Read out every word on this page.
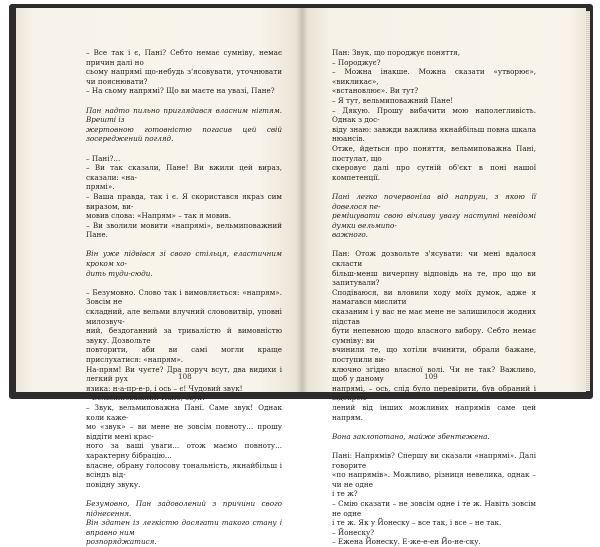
– Все так і є, Пані? Себто немає сумніву, немає причин далі но

сьому напрямі що-небудь з'ясовувати, уточнювати чи пояснювати?

– На сьому напрямі? Що ви маєте на увазі, Пане?

Пан надто пильно приглядався власним нігтям. Врешті із

жертовною готовністю погасив цей свій зосереджений погляд.

– Пані?...

– Ви так сказали, Пане! Ви вжили цей вираз, сказали: «на-

прямі».

– Ваша правда, так і є. Я скористався якраз сим виразом, ви-

мовив слова: «Напрям» – так я мовив.

– Ви зволили мовити «напрямі», вельмиповажний Пане.

Він уже підвівся зі свого стільця, еластичним кроком хо-

дить туди-сюди.

– Безумовно. Слово так і вимовляється: «напрям». Зовсім не

складний, але вельми влучний слововитвір, уповні милозвуч-

ний, бездоганний за тривалістю й вимовністю звуку. Дозвольте

повторити, аби ви самі могли краще прислухатися: «напрям».

На-прям! Ви чуєте? Дра поруч всут, два видихи і легкий рух

язика: н-а-пр-е-р, і ось – є! Чудовий звук!

– Вельмиповажний Пане, звук?

– Звук, вельмиповажна Пані. Саме звук! Однак коли каже-

мо «звук» – ви мене не зовсім повноту... прошу віддіти мені крас-

ного за ваші уваги... отож маємо повноту... характерну бібрацію...

власне, обрану голосову тональність, якнайбільш і всіндъ від-

повідну звуку.

Безумовно, Пан задоволений з причини свого піднесення.

Він здатен із легкістю досягати такого стану і вправно ним

розпоряджатися.

108

Пан: Звук, що породжує поняття,

– Породжує?

– Можна інакше. Можна сказати «утворює», «викликає»,

«встановлює». Ви тут?

– Я тут, вельмиповажний Пане!

– Дякую. Прошу вибачити мою наполегливість. Однак з дос-

віду знаю: завжди важлива якнайбільш повна шкала нюансів.

Отже, йдеться про поняття, вельмиповажна Пані, постулат, що

скеровує далі про сутній об'єкт в поні нашої компетенції.

Пані легко почервоніла від напруги, з якою її довелося пе-

ремішувати свою вічливу увагу наступні невідомі думки вельмипо-

важного.

Пан: Отож дозвольте з'ясувати: чи мені вдалося скласти

більш-менш вичерпну відповідь на те, про що ви запитували?

Сподіваюся, ви вловили ходу моїх думок, адже я намагався мислити

сказаним і у вас не має мене не залишилося жодних підстав

бути непевною щодо власного вибору. Себто немає сумніву: ви

вчинили те, що хотіли вчинити, обрали бажане, поступили ви-

ключно згідно власної волі. Чи не так? Важливо, щоб у даному

напрямі, – ось, слід було перевірити, був обраний і відокрем-

лений від інших можливих напрямів саме цей напрям.

Вона заклопотано, майже збентежена.

Пані: Напрямів? Спершу ви сказали «напрямі». Далі говорите

«по напрямів». Можливо, різниця невелика, однак – чи не одне

і те ж?

– Смію сказати – не зовсім одне і те ж. Навіть зовсім не одне

і те ж. Як у Йонеску – все так, і все – не так.

– Йонеску?

– Ежена Йонеску. Е-же-е-ен Йо-не-ску.

109
